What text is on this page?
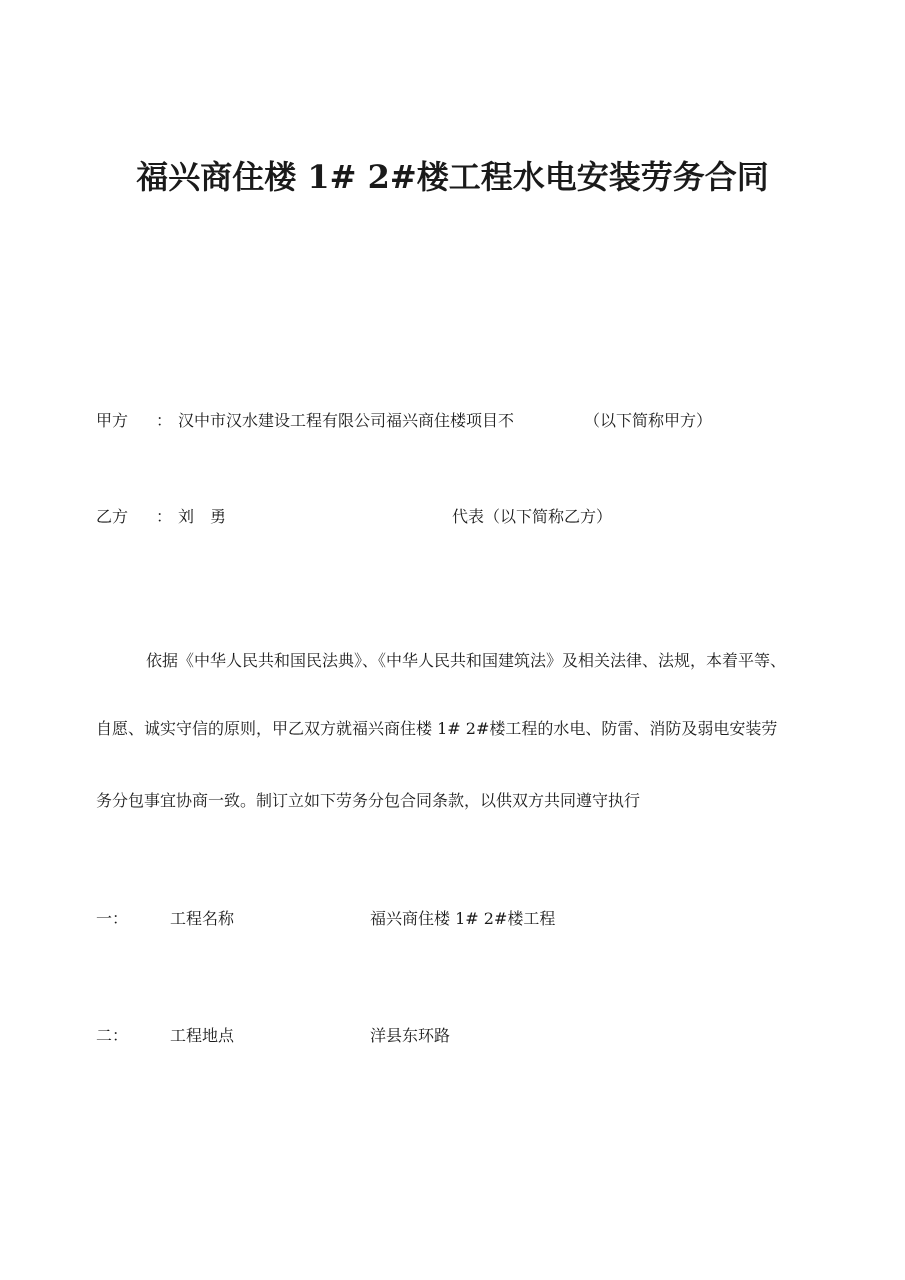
福兴商住楼 1# 2#楼工程水电安装劳务合同
甲方 ： 汉中市汉水建设工程有限公司福兴商住楼项目不	（以下简称甲方）
乙方 ： 刘　勇	代表（以下简称乙方）
依据《中华人民共和国民法典》、《中华人民共和国建筑法》及相关法律、法规，本着平等、
自愿、诚实守信的原则，甲乙双方就福兴商住楼 1# 2#楼工程的水电、防雷、消防及弱电安装劳
务分包事宜协商一致。制订立如下劳务分包合同条款，以供双方共同遵守执行
一：	工程名称	福兴商住楼 1# 2#楼工程
二：	工程地点	洋县东环路
